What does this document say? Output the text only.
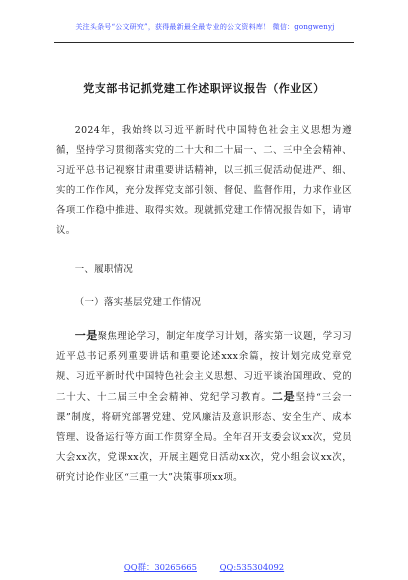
关注头条号“公文研究”，获得最新最全最专业的公文资料库！ 微信：gongwenyj
党支部书记抓党建工作述职评议报告（作业区）
2024年，我始终以习近平新时代中国特色社会主义思想为遵循，坚持学习贯彻落实党的二十大和二十届一、二、三中全会精神、习近平总书记视察甘肃重要讲话精神，以三抓三促活动促进严、细、实的工作作风，充分发挥党支部引领、督促、监督作用，力求作业区各项工作稳中推进、取得实效。现就抓党建工作情况报告如下，请审议。
一、履职情况
（一）落实基层党建工作情况
一是聚焦理论学习，制定年度学习计划，落实第一议题，学习习近平总书记系列重要讲话和重要论述xxx余篇，按计划完成党章党规、习近平新时代中国特色社会主义思想、习近平谈治国理政、党的二十大、十二届三中全会精神、党纪学习教育。二是坚持“三会一课”制度，将研究部署党建、党风廉洁及意识形态、安全生产、成本管理、设备运行等方面工作贯穿全局。全年召开支委会议xx次，党员大会xx次，党课xx次，开展主题党日活动xx次，党小组会议xx次，研究讨论作业区“三重一大”决策事项xx项。
QQ群：30265665	QQ:535304092
